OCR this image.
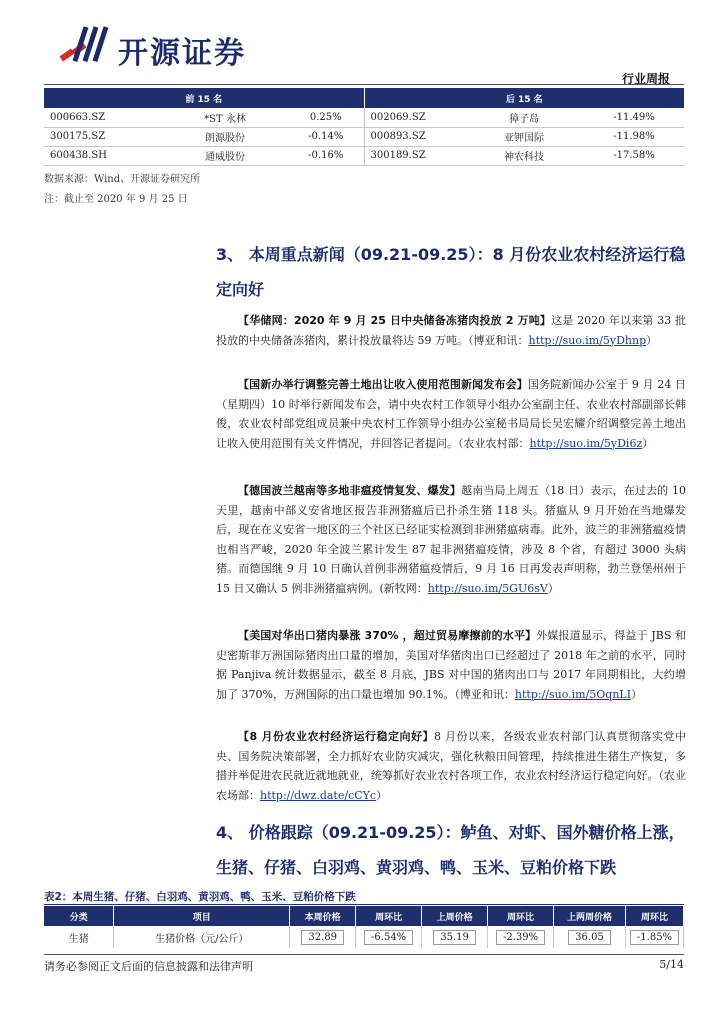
开源证券
行业周报
前 15 名			后 15 名		
000663.SZ	*ST 永林	0.25%	002069.SZ	獐子岛	-11.49%
300175.SZ	朗源股份	-0.14%	000893.SZ	亚钾国际	-11.98%
600438.SH	通威股份	-0.16%	300189.SZ	神农科技	-17.58%
数据来源：Wind、开源证券研究所
注：截止至 2020 年 9 月 25 日
3、 本周重点新闻（09.21-09.25）：8 月份农业农村经济运行稳
定向好
【华储网：2020 年 9 月 25 日中央储备冻猪肉投放 2 万吨】这是 2020 年以来第 33 批投放的中央储备冻猪肉，累计投放量将达 59 万吨。（博亚和讯：http://suo.im/5yDhnp）
【国新办举行调整完善土地出让收入使用范围新闻发布会】国务院新闻办公室于 9 月 24 日（星期四）10 时举行新闻发布会，请中央农村工作领导小组办公室副主任、农业农村部副部长韩俊，农业农村部党组成员兼中央农村工作领导小组办公室秘书局局长吴宏耀介绍调整完善土地出让收入使用范围有关文件情况，并回答记者提问。（农业农村部：http://suo.im/5yDi6z）
【德国波兰越南等多地非瘟疫情复发、爆发】越南当局上周五（18 日）表示，在过去的 10 天里，越南中部义安省地区报告非洲猪瘟后已扑杀生猪 118 头。猪瘟从 9 月开始在当地爆发后，现在在义安省一地区的三个社区已经证实检测到非洲猪瘟病毒。此外，波兰的非洲猪瘟疫情也相当严峻，2020 年全波兰累计发生 87 起非洲猪瘟疫情，涉及 8 个省，有超过 3000 头病猪。而德国继 9 月 10 日确认首例非洲猪瘟疫情后，9 月 16 日再发表声明称，勃兰登堡州州于 15 日又确认 5 例非洲猪瘟病例。(新牧网：http://suo.im/5GU6sV）
【美国对华出口猪肉暴涨 370% ，超过贸易摩擦前的水平】外媒报道显示，得益于 JBS 和史密斯菲万洲国际猪肉出口量的增加，美国对华猪肉出口已经超过了 2018 年之前的水平，同时据 Panjiva 统计数据显示，截至 8 月底，JBS 对中国的猪肉出口与 2017 年同期相比，大约增加了 370%，万洲国际的出口量也增加 90.1%。（博亚和讯：http://suo.im/5OqnLI）
【8 月份农业农村经济运行稳定向好】8 月份以来，各级农业农村部门认真贯彻落实党中央、国务院决策部署，全力抓好农业防灾减灾，强化秋粮田间管理，持续推进生猪生产恢复，多措并举促进农民就近就地就业，统筹抓好农业农村各项工作，农业农村经济运行稳定向好。（农业农场部：http://dwz.date/cCYc）
4、 价格跟踪（09.21-09.25）：鲈鱼、对虾、国外糖价格上涨，
生猪、仔猪、白羽鸡、黄羽鸡、鸭、玉米、豆粕价格下跌
表2：本周生猪、仔猪、白羽鸡、黄羽鸡、鸭、玉米、豆粕价格下跌
分类	项目	本周价格	周环比	上周价格	周环比	上两周价格	周环比
生猪	生猪价格（元/公斤）	32.89	-6.54%	35.19	-2.39%	36.05	-1.85%
请务必参阅正文后面的信息披露和法律声明	5/14
